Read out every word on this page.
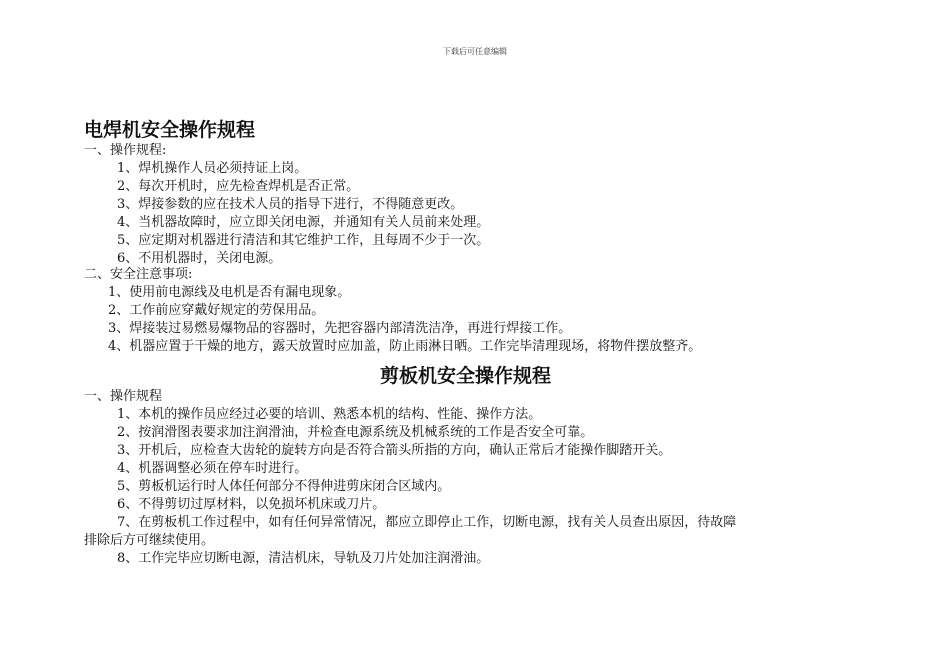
下载后可任意编辑
电焊机安全操作规程
一、操作规程:
1、焊机操作人员必须持证上岗。
2、每次开机时，应先检查焊机是否正常。
3、焊接参数的应在技术人员的指导下进行，不得随意更改。
4、当机器故障时，应立即关闭电源，并通知有关人员前来处理。
5、应定期对机器进行清洁和其它维护工作，且每周不少于一次。
6、不用机器时，关闭电源。
二、安全注意事项:
1、使用前电源线及电机是否有漏电现象。
2、工作前应穿戴好规定的劳保用品。
3、焊接装过易燃易爆物品的容器时，先把容器内部清洗洁净，再进行焊接工作。
4、机器应置于干燥的地方，露天放置时应加盖，防止雨淋日晒。工作完毕清理现场，将物件摆放整齐。
剪板机安全操作规程
一、操作规程
1、本机的操作员应经过必要的培训、熟悉本机的结构、性能、操作方法。
2、按润滑图表要求加注润滑油，并检查电源系统及机械系统的工作是否安全可靠。
3、开机后，应检查大齿轮的旋转方向是否符合箭头所指的方向，确认正常后才能操作脚踏开关。
4、机器调整必须在停车时进行。
5、剪板机运行时人体任何部分不得伸进剪床闭合区域内。
6、不得剪切过厚材料，以免损坏机床或刀片。
7、在剪板机工作过程中，如有任何异常情况，都应立即停止工作，切断电源，找有关人员查出原因，待故障
排除后方可继续使用。
8、工作完毕应切断电源，清洁机床，导轨及刀片处加注润滑油。
